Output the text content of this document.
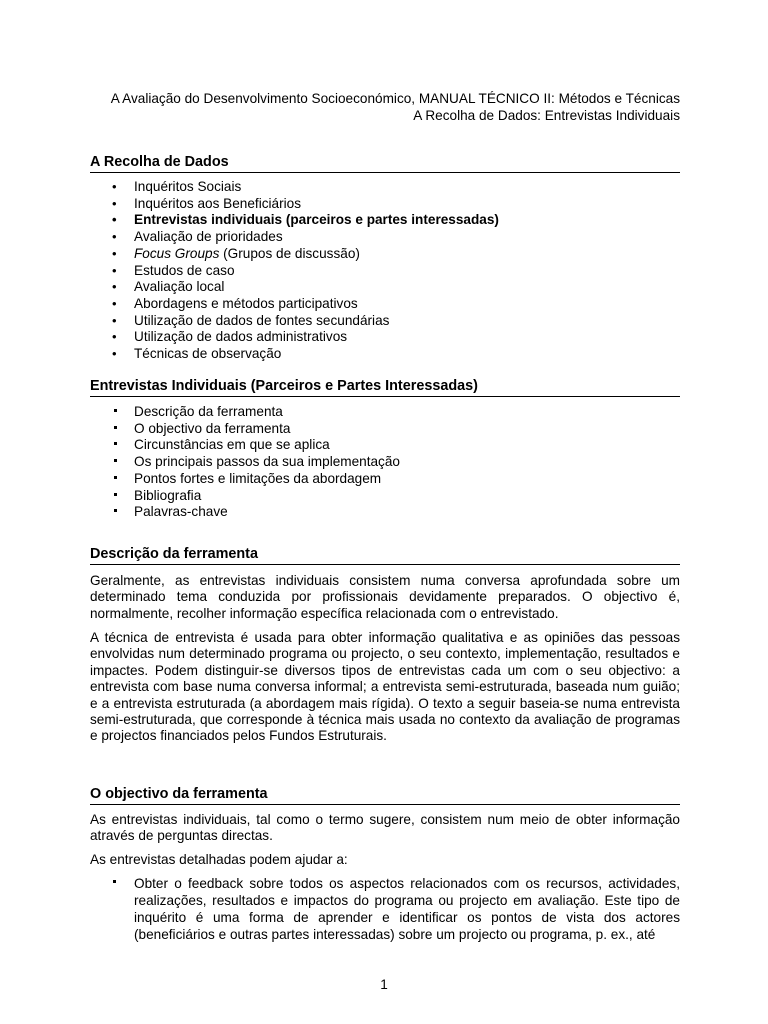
A Avaliação do Desenvolvimento Socioeconómico, MANUAL TÉCNICO II: Métodos e Técnicas
A Recolha de Dados: Entrevistas Individuais
A Recolha de Dados
• Inquéritos Sociais
• Inquéritos aos Beneficiários
• Entrevistas individuais (parceiros e partes interessadas)
• Avaliação de prioridades
• Focus Groups (Grupos de discussão)
• Estudos de caso
• Avaliação local
• Abordagens e métodos participativos
• Utilização de dados de fontes secundárias
• Utilização de dados administrativos
• Técnicas de observação
Entrevistas Individuais (Parceiros e Partes Interessadas)
Descrição da ferramenta
O objectivo da ferramenta
Circunstâncias em que se aplica
Os principais passos da sua implementação
Pontos fortes e limitações da abordagem
Bibliografia
Palavras-chave
Descrição da ferramenta

Geralmente, as entrevistas individuais consistem numa conversa aprofundada sobre um determinado tema conduzida por profissionais devidamente preparados. O objectivo é, normalmente, recolher informação específica relacionada com o entrevistado.

A técnica de entrevista é usada para obter informação qualitativa e as opiniões das pessoas envolvidas num determinado programa ou projecto, o seu contexto, implementação, resultados e impactes. Podem distinguir-se diversos tipos de entrevistas cada um com o seu objectivo: a entrevista com base numa conversa informal; a entrevista semi-estruturada, baseada num guião; e a entrevista estruturada (a abordagem mais rígida). O texto a seguir baseia-se numa entrevista semi-estruturada, que corresponde à técnica mais usada no contexto da avaliação de programas e projectos financiados pelos Fundos Estruturais.

O objectivo da ferramenta

As entrevistas individuais, tal como o termo sugere, consistem num meio de obter informação através de perguntas directas.

As entrevistas detalhadas podem ajudar a:

Obter o feedback sobre todos os aspectos relacionados com os recursos, actividades, realizações, resultados e impactos do programa ou projecto em avaliação. Este tipo de inquérito é uma forma de aprender e identificar os pontos de vista dos actores (beneficiários e outras partes interessadas) sobre um projecto ou programa, p. ex., até
1
